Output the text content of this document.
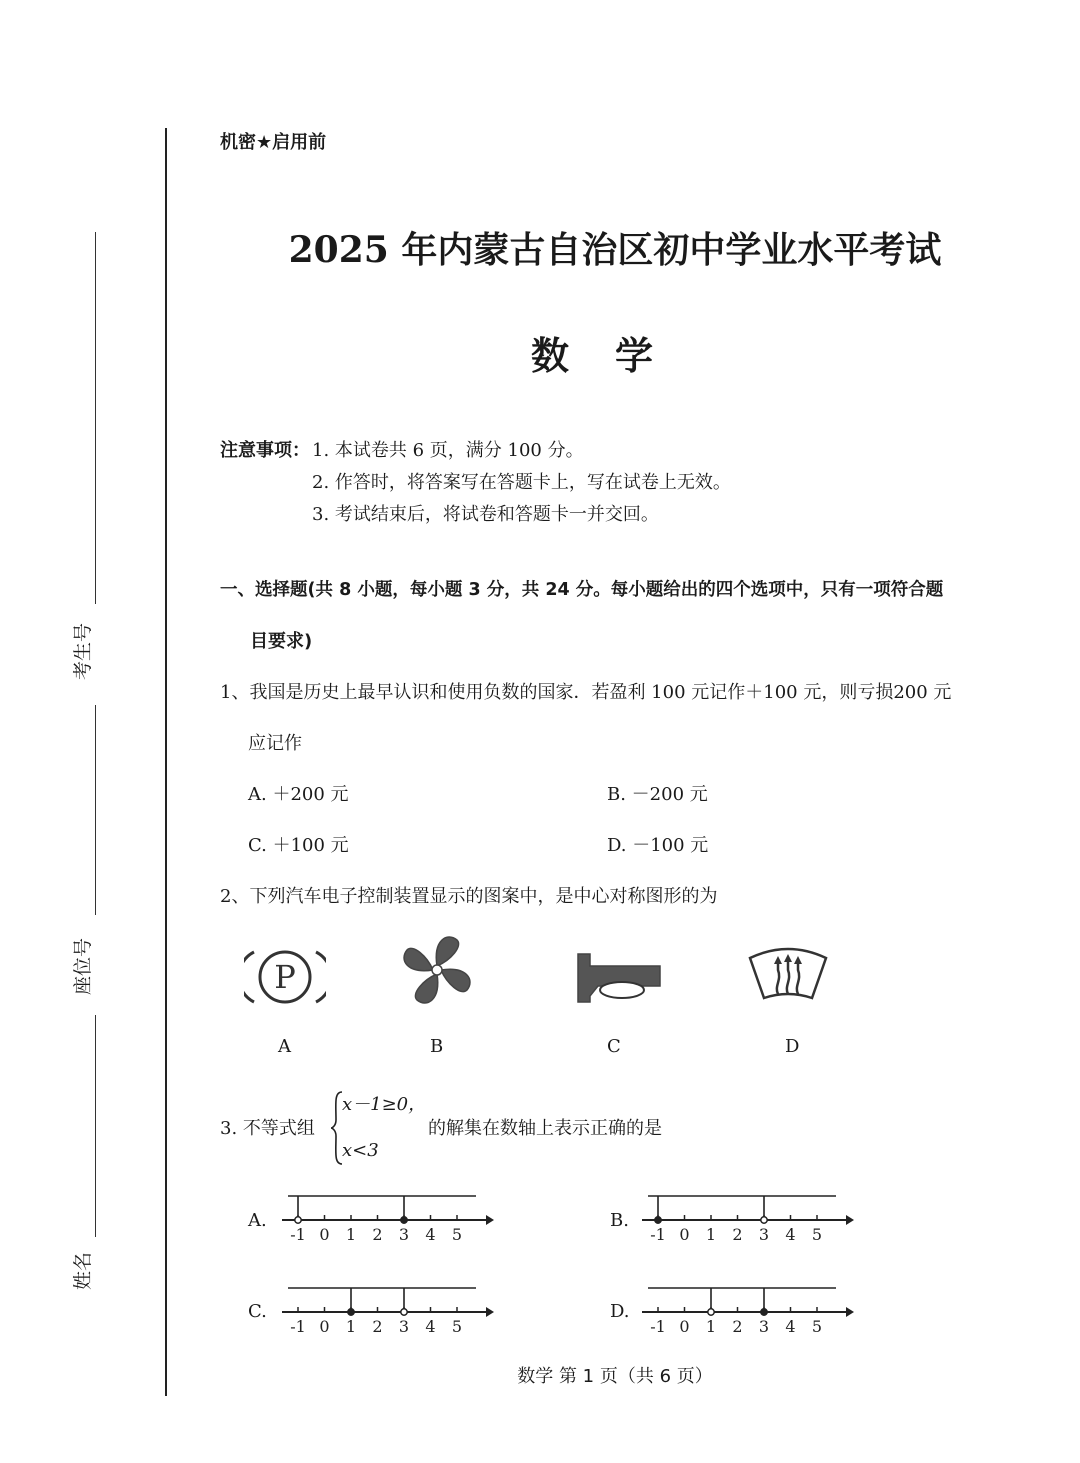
考生号
座位号
姓名
机密★启用前
2025 年内蒙古自治区初中学业水平考试
数学
注意事项： 1. 本试卷共 6 页，满分 100 分。
2. 作答时，将答案写在答题卡上，写在试卷上无效。
3. 考试结束后，将试卷和答题卡一并交回。
一、选择题(共 8 小题，每小题 3 分，共 24 分。每小题给出的四个选项中，只有一项符合题
目要求)
1、我国是历史上最早认识和使用负数的国家．若盈利 100 元记作＋100 元，则亏损200 元
应记作
A. ＋200 元	B. －200 元
C. ＋100 元	D. －100 元
2、下列汽车电子控制装置显示的图案中，是中心对称图形的为
P
A	B	C	D
3. 不等式组
x－1≥0，
x<3
的解集在数轴上表示正确的是
A.	B.
C.	D.
-1 0 1 2 3 4 5	-1 0 1 2 3 4 5
-1 0 1 2 3 4 5	-1 0 1 2 3 4 5
数学 第 1 页（共 6 页）
